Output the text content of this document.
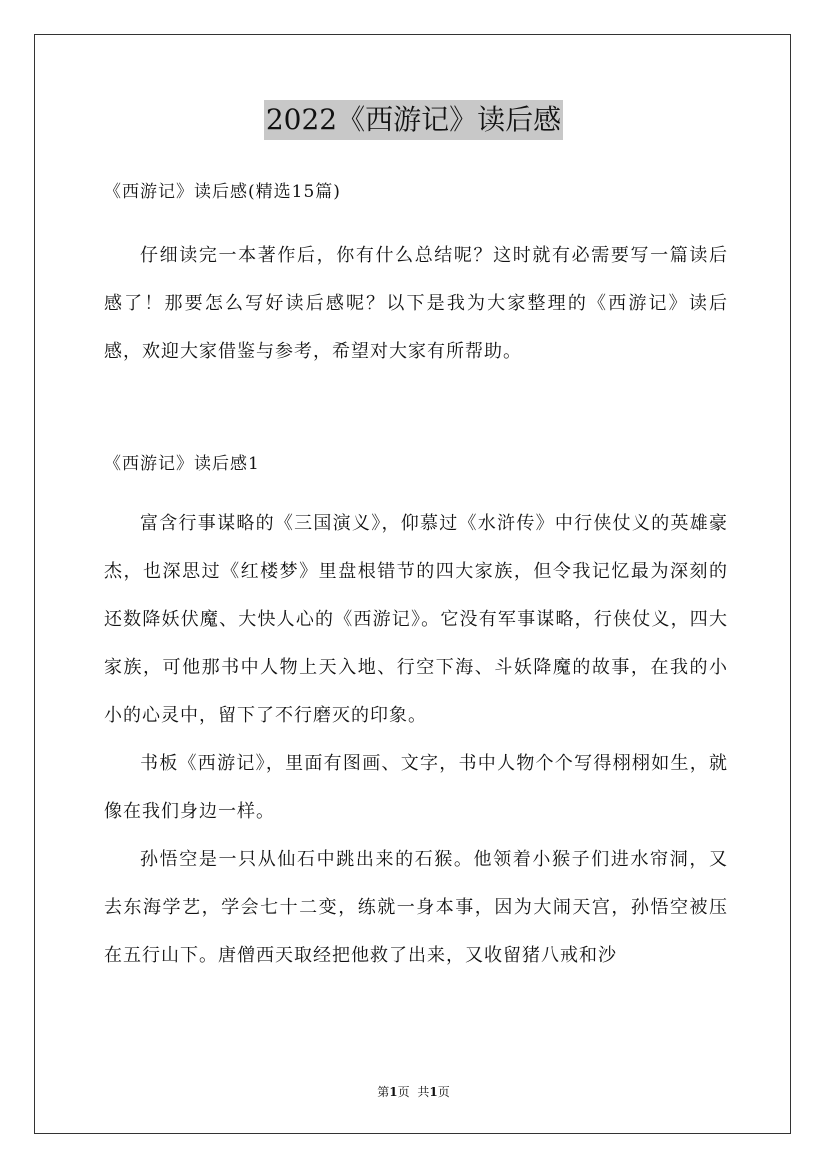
2022《西游记》读后感

《西游记》读后感(精选15篇)

仔细读完一本著作后，你有什么总结呢？这时就有必需要写一篇读后感了！那要怎么写好读后感呢？以下是我为大家整理的《西游记》读后感，欢迎大家借鉴与参考，希望对大家有所帮助。

《西游记》读后感1

富含行事谋略的《三国演义》，仰慕过《水浒传》中行侠仗义的英雄豪杰，也深思过《红楼梦》里盘根错节的四大家族，但令我记忆最为深刻的还数降妖伏魔、大快人心的《西游记》。它没有军事谋略，行侠仗义，四大家族，可他那书中人物上天入地、行空下海、斗妖降魔的故事，在我的小小的心灵中，留下了不行磨灭的印象。

书板《西游记》，里面有图画、文字，书中人物个个写得栩栩如生，就像在我们身边一样。

孙悟空是一只从仙石中跳出来的石猴。他领着小猴子们进水帘洞，又去东海学艺，学会七十二变，练就一身本事，因为大闹天宫，孙悟空被压在五行山下。唐僧西天取经把他救了出来，又收留猪八戒和沙

第1页 共1页
